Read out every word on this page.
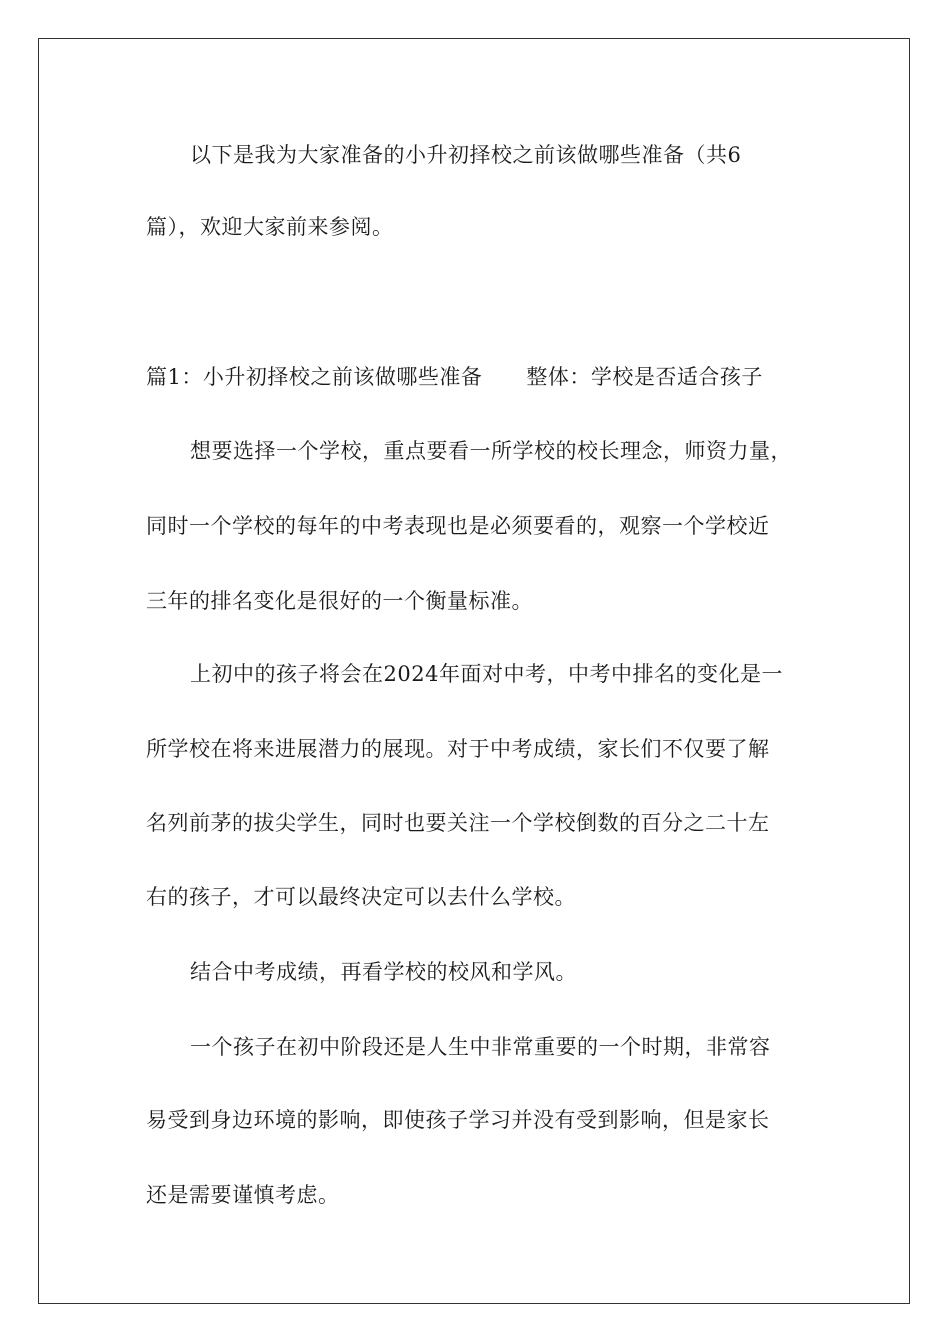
以下是我为大家准备的小升初择校之前该做哪些准备（共6
篇），欢迎大家前来参阅。
篇1：小升初择校之前该做哪些准备 整体：学校是否适合孩子
想要选择一个学校，重点要看一所学校的校长理念，师资力量，
同时一个学校的每年的中考表现也是必须要看的，观察一个学校近
三年的排名变化是很好的一个衡量标准。
上初中的孩子将会在2024年面对中考，中考中排名的变化是一
所学校在将来进展潜力的展现。对于中考成绩，家长们不仅要了解
名列前茅的拔尖学生，同时也要关注一个学校倒数的百分之二十左
右的孩子，才可以最终决定可以去什么学校。
结合中考成绩，再看学校的校风和学风。
一个孩子在初中阶段还是人生中非常重要的一个时期，非常容
易受到身边环境的影响，即使孩子学习并没有受到影响，但是家长
还是需要谨慎考虑。
